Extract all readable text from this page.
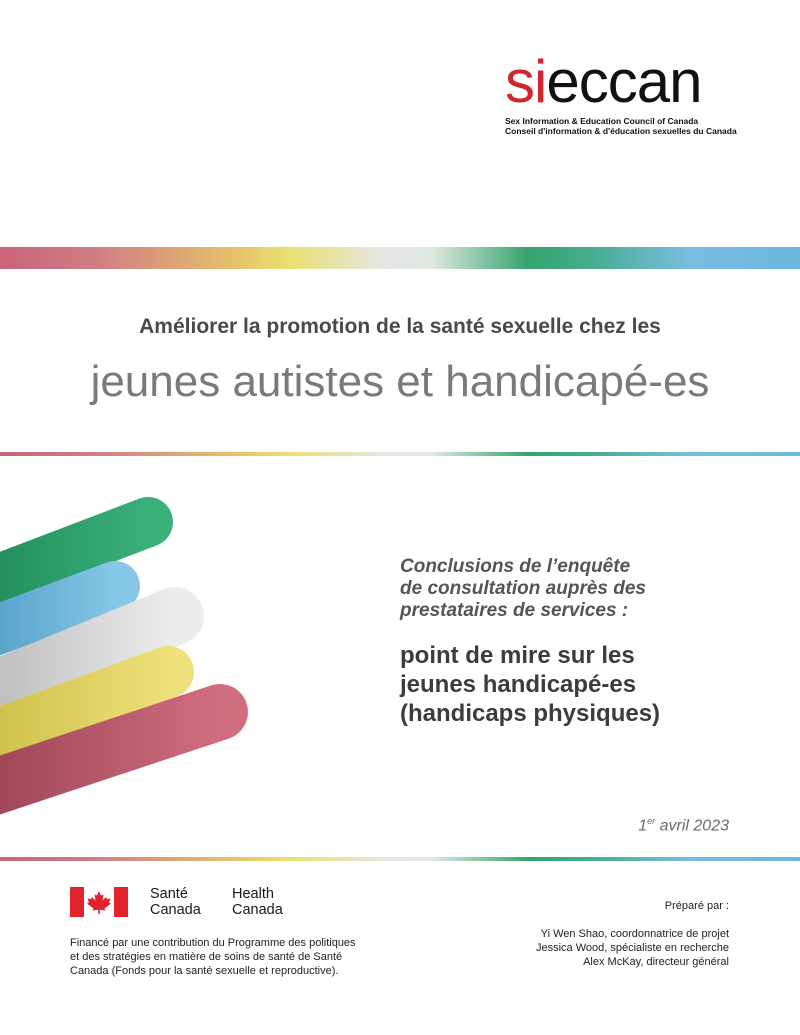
sieccan
Sex Information & Education Council of Canada
Conseil d'information & d'éducation sexuelles du Canada
Améliorer la promotion de la santé sexuelle chez les
jeunes autistes et handicapé-es
Conclusions de l’enquête
de consultation auprès des
prestataires de services :
point de mire sur les
jeunes handicapé-es
(handicaps physiques)
1er avril 2023
Santé
Canada
Health
Canada
Financé par une contribution du Programme des politiques
et des stratégies en matière de soins de santé de Santé
Canada (Fonds pour la santé sexuelle et reproductive).
Préparé par :
Yi Wen Shao, coordonnatrice de projet
Jessica Wood, spécialiste en recherche
Alex McKay, directeur général
